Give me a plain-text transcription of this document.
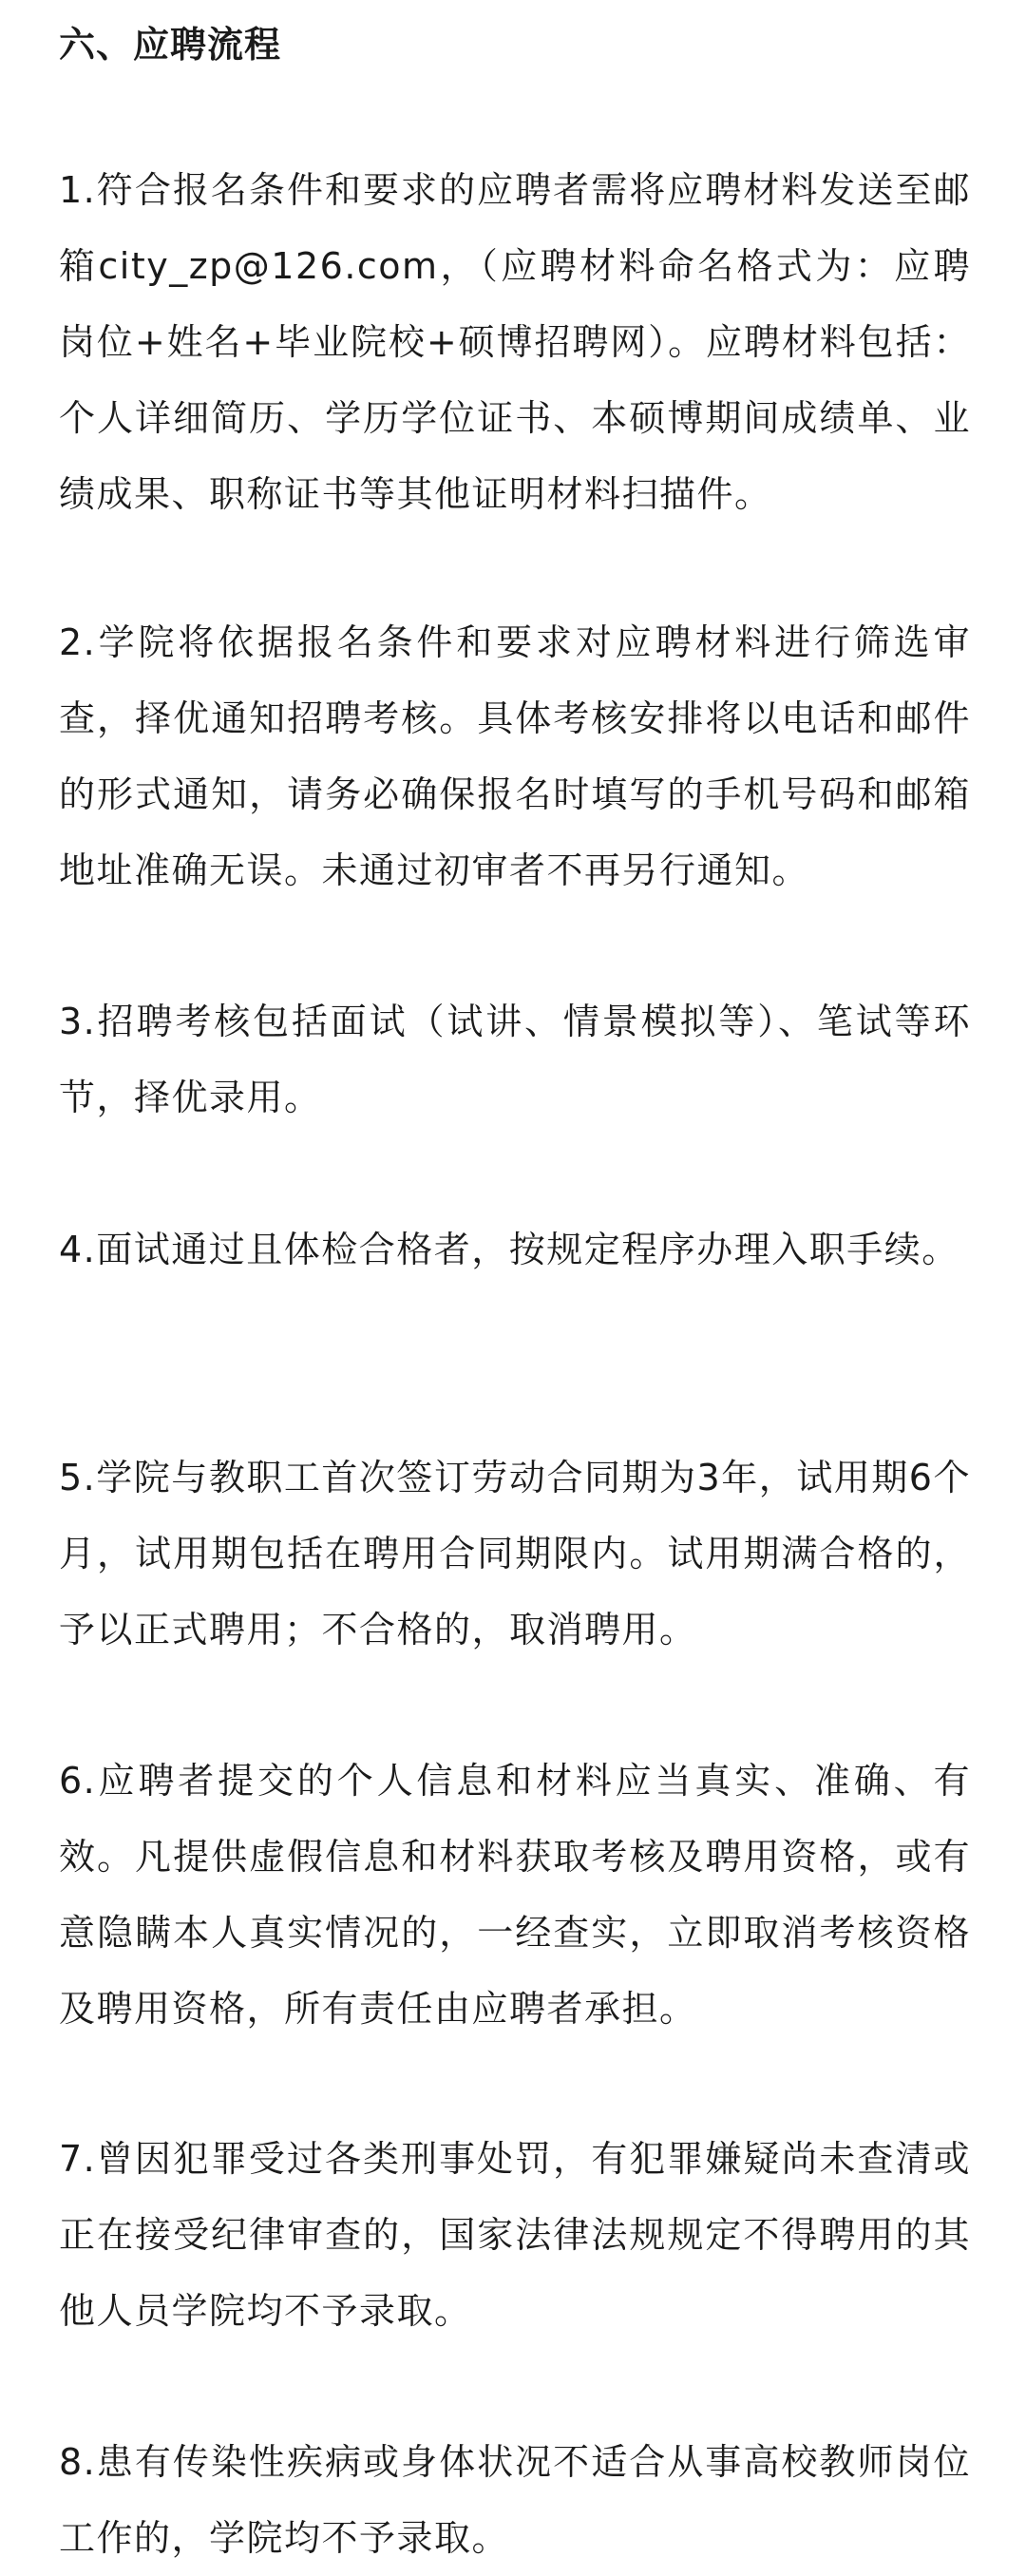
六、应聘流程

1.符合报名条件和要求的应聘者需将应聘材料发送至邮箱city_zp@126.com，（应聘材料命名格式为：应聘岗位+姓名+毕业院校+硕博招聘网）。应聘材料包括：个人详细简历、学历学位证书、本硕博期间成绩单、业绩成果、职称证书等其他证明材料扫描件。

2.学院将依据报名条件和要求对应聘材料进行筛选审查，择优通知招聘考核。具体考核安排将以电话和邮件的形式通知，请务必确保报名时填写的手机号码和邮箱地址准确无误。未通过初审者不再另行通知。

3.招聘考核包括面试（试讲、情景模拟等）、笔试等环节，择优录用。

4.面试通过且体检合格者，按规定程序办理入职手续。

5.学院与教职工首次签订劳动合同期为3年，试用期6个月，试用期包括在聘用合同期限内。试用期满合格的，予以正式聘用；不合格的，取消聘用。

6.应聘者提交的个人信息和材料应当真实、准确、有效。凡提供虚假信息和材料获取考核及聘用资格，或有意隐瞒本人真实情况的，一经查实，立即取消考核资格及聘用资格，所有责任由应聘者承担。

7.曾因犯罪受过各类刑事处罚，有犯罪嫌疑尚未查清或正在接受纪律审查的，国家法律法规规定不得聘用的其他人员学院均不予录取。

8.患有传染性疾病或身体状况不适合从事高校教师岗位工作的，学院均不予录取。
